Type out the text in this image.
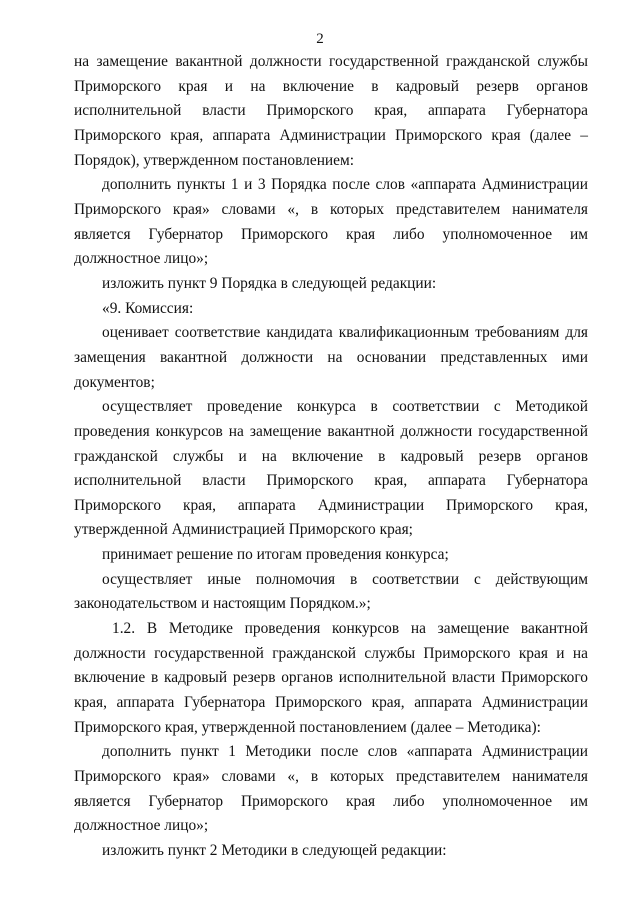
2

на замещение вакантной должности государственной гражданской службы Приморского края и на включение в кадровый резерв органов исполнительной власти Приморского края, аппарата Губернатора Приморского края, аппарата Администрации Приморского края (далее – Порядок), утвержденном постановлением:

дополнить пункты 1 и 3 Порядка после слов «аппарата Администрации Приморского края» словами «, в которых представителем нанимателя является Губернатор Приморского края либо уполномоченное им должностное лицо»;

изложить пункт 9 Порядка в следующей редакции:

«9. Комиссия:

оценивает соответствие кандидата квалификационным требованиям для замещения вакантной должности на основании представленных ими документов;

осуществляет проведение конкурса в соответствии с Методикой проведения конкурсов на замещение вакантной должности государственной гражданской службы и на включение в кадровый резерв органов исполнительной власти Приморского края, аппарата Губернатора Приморского края, аппарата Администрации Приморского края, утвержденной Администрацией Приморского края;

принимает решение по итогам проведения конкурса;

осуществляет иные полномочия в соответствии с действующим законодательством и настоящим Порядком.»;

1.2. В Методике проведения конкурсов на замещение вакантной должности государственной гражданской службы Приморского края и на включение в кадровый резерв органов исполнительной власти Приморского края, аппарата Губернатора Приморского края, аппарата Администрации Приморского края, утвержденной постановлением (далее – Методика):

дополнить пункт 1 Методики после слов «аппарата Администрации Приморского края» словами «, в которых представителем нанимателя является Губернатор Приморского края либо уполномоченное им должностное лицо»;

изложить пункт 2 Методики в следующей редакции:
